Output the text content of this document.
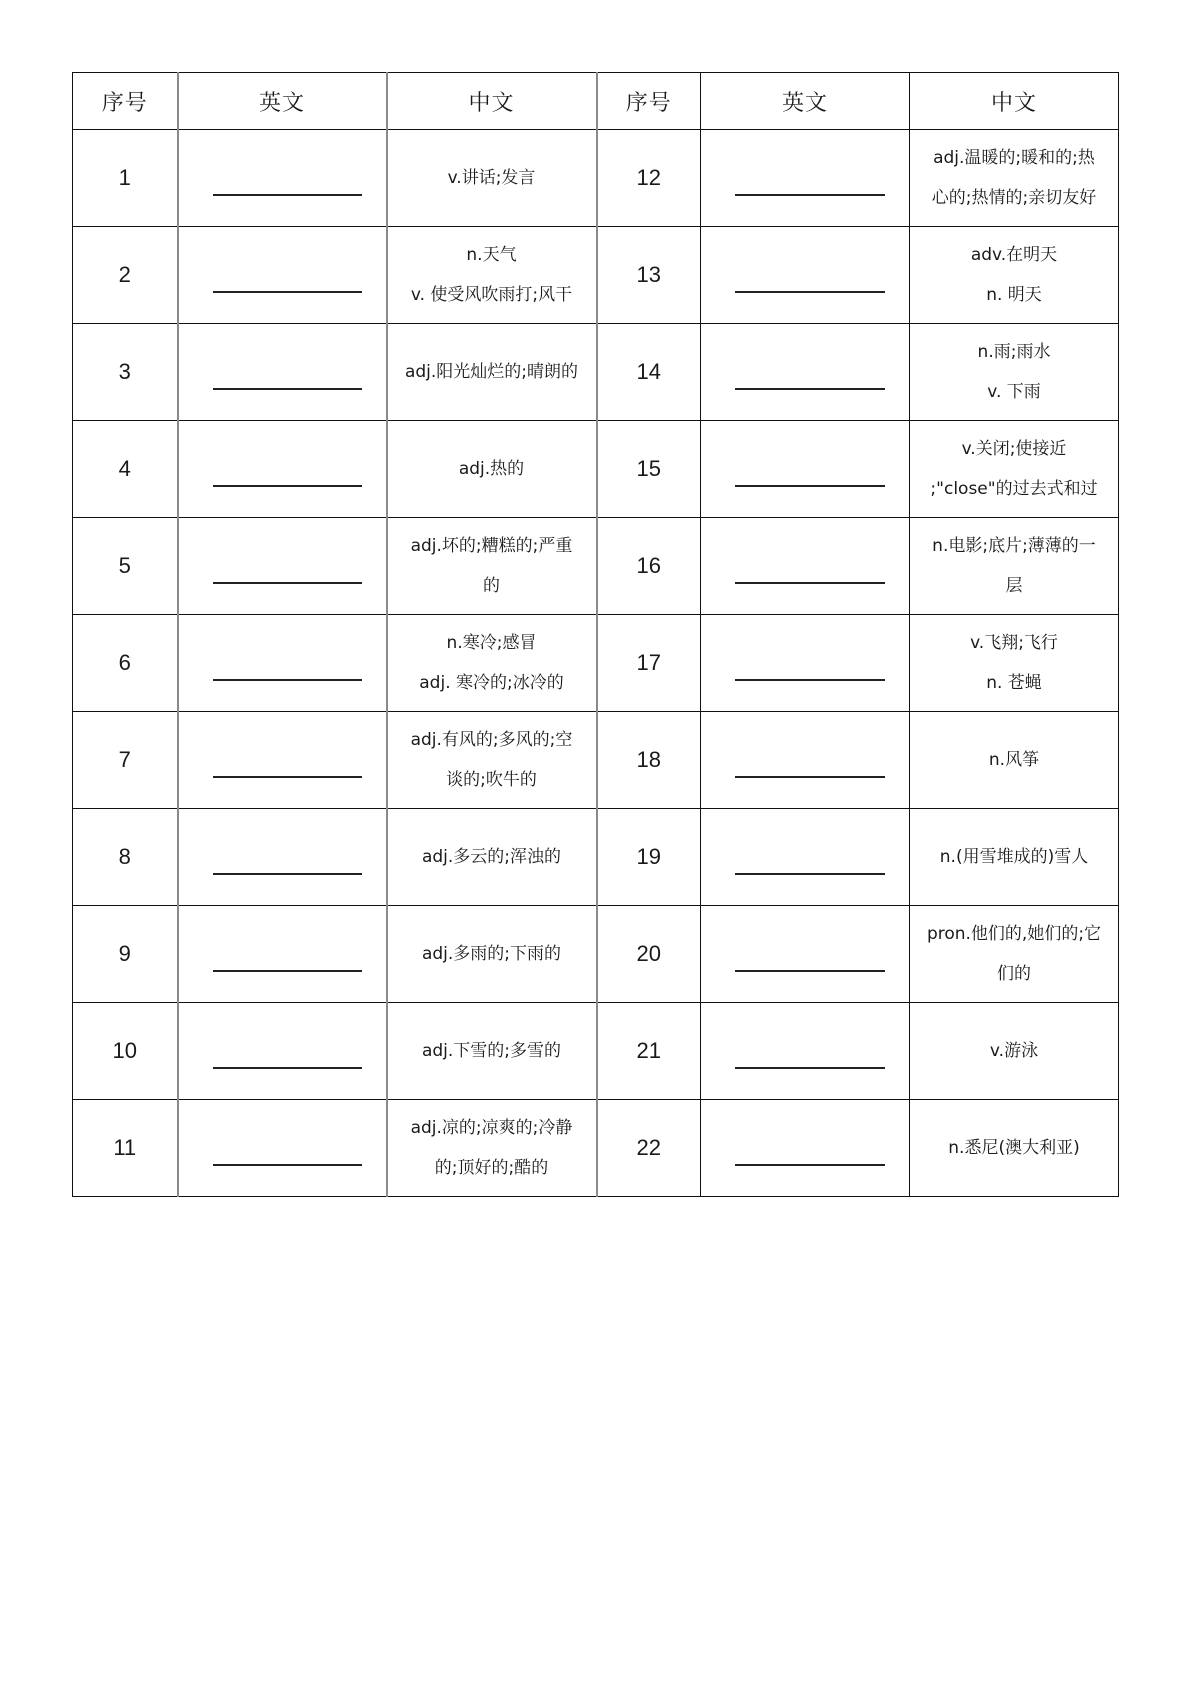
序号	英文	中文	序号	英文	中文
1		v.讲话;发言	12		adj.温暖的;暖和的;热
心的;热情的;亲切友好

2		n.天气
v. 使受风吹雨打;风干	13		adv.在明天
n. 明天

3		adj.阳光灿烂的;晴朗的	14		n.雨;雨水
v. 下雨

4		adj.热的	15		v.关闭;使接近
;"close"的过去式和过

5		adj.坏的;糟糕的;严重
的	16		n.电影;底片;薄薄的一
层

6		n.寒冷;感冒
adj. 寒冷的;冰冷的	17		v.飞翔;飞行
n. 苍蝇

7		adj.有风的;多风的;空
谈的;吹牛的	18		n.风筝

8		adj.多云的;浑浊的	19		n.(用雪堆成的)雪人

9		adj.多雨的;下雨的	20		pron.他们的,她们的;它
们的

10		adj.下雪的;多雪的	21		v.游泳

11		adj.凉的;凉爽的;冷静
的;顶好的;酷的	22		n.悉尼(澳大利亚)
